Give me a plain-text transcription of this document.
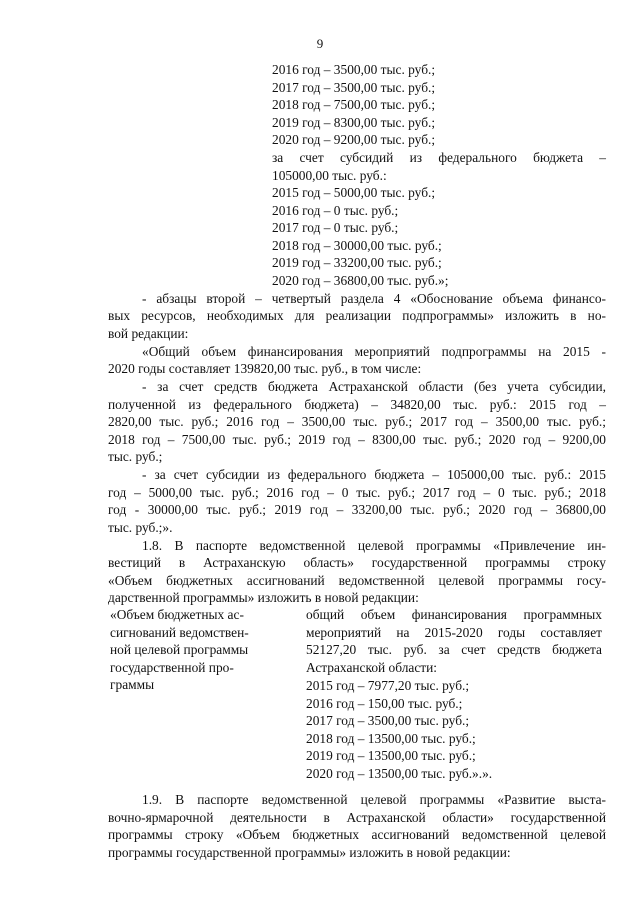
9
2016 год – 3500,00 тыс. руб.;
2017 год – 3500,00 тыс. руб.;
2018 год – 7500,00 тыс. руб.;
2019 год – 8300,00 тыс. руб.;
2020 год – 9200,00 тыс. руб.;
за счет субсидий из федерального бюджета –
105000,00 тыс. руб.:
2015 год – 5000,00 тыс. руб.;
2016 год – 0 тыс. руб.;
2017 год – 0 тыс. руб.;
2018 год – 30000,00 тыс. руб.;
2019 год – 33200,00 тыс. руб.;
2020 год – 36800,00 тыс. руб.»;
- абзацы второй – четвертый раздела 4 «Обоснование объема финансо-
вых ресурсов, необходимых для реализации подпрограммы» изложить в но-
вой редакции:
«Общий объем финансирования мероприятий подпрограммы на 2015 -
2020 годы составляет 139820,00 тыс. руб., в том числе:
- за счет средств бюджета Астраханской области (без учета субсидии,
полученной из федерального бюджета) – 34820,00 тыс. руб.: 2015 год –
2820,00 тыс. руб.; 2016 год – 3500,00 тыс. руб.; 2017 год – 3500,00 тыс. руб.;
2018 год – 7500,00 тыс. руб.; 2019 год – 8300,00 тыс. руб.; 2020 год – 9200,00
тыс. руб.;
- за счет субсидии из федерального бюджета – 105000,00 тыс. руб.: 2015
год – 5000,00 тыс. руб.; 2016 год – 0 тыс. руб.; 2017 год – 0 тыс. руб.; 2018
год - 30000,00 тыс. руб.; 2019 год – 33200,00 тыс. руб.; 2020 год – 36800,00
тыс. руб.;».
1.8. В паспорте ведомственной целевой программы «Привлечение ин-
вестиций в Астраханскую область» государственной программы строку
«Объем бюджетных ассигнований ведомственной целевой программы госу-
дарственной программы» изложить в новой редакции:
«Объем бюджетных ас-
сигнований ведомствен-
ной целевой программы
государственной про-
граммы
общий объем финансирования программных
мероприятий на 2015-2020 годы составляет
52127,20 тыс. руб. за счет средств бюджета
Астраханской области:
2015 год – 7977,20 тыс. руб.;
2016 год – 150,00 тыс. руб.;
2017 год – 3500,00 тыс. руб.;
2018 год – 13500,00 тыс. руб.;
2019 год – 13500,00 тыс. руб.;
2020 год – 13500,00 тыс. руб.».».
1.9. В паспорте ведомственной целевой программы «Развитие выста-
вочно-ярмарочной деятельности в Астраханской области» государственной
программы строку «Объем бюджетных ассигнований ведомственной целевой
программы государственной программы» изложить в новой редакции:
